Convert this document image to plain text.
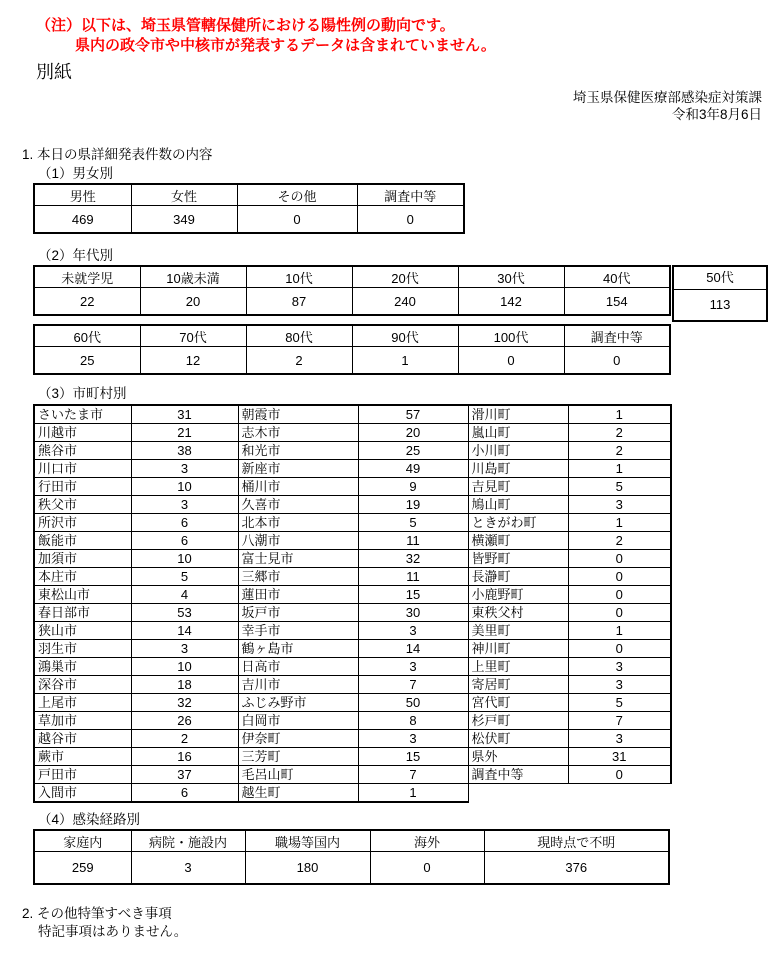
（注）以下は、埼玉県管轄保健所における陽性例の動向です。
県内の政令市や中核市が発表するデータは含まれていません。
別紙
埼玉県保健医療部感染症対策課
令和3年8月6日
1. 本日の県詳細発表件数の内容
（1）男女別
男性	女性	その他	調査中等
469	349	0	0
（2）年代別
未就学児	10歳未満	10代	20代	30代	40代
22	20	87	240	142	154
50代
113
60代	70代	80代	90代	100代	調査中等
25	12	2	1	0	0
（3）市町村別
さいたま市	31	朝霞市	57	滑川町	1
川越市	21	志木市	20	嵐山町	2
熊谷市	38	和光市	25	小川町	2
川口市	3	新座市	49	川島町	1
行田市	10	桶川市	9	吉見町	5
秩父市	3	久喜市	19	鳩山町	3
所沢市	6	北本市	5	ときがわ町	1
飯能市	6	八潮市	11	横瀬町	2
加須市	10	富士見市	32	皆野町	0
本庄市	5	三郷市	11	長瀞町	0
東松山市	4	蓮田市	15	小鹿野町	0
春日部市	53	坂戸市	30	東秩父村	0
狭山市	14	幸手市	3	美里町	1
羽生市	3	鶴ヶ島市	14	神川町	0
鴻巣市	10	日高市	3	上里町	3
深谷市	18	吉川市	7	寄居町	3
上尾市	32	ふじみ野市	50	宮代町	5
草加市	26	白岡市	8	杉戸町	7
越谷市	2	伊奈町	3	松伏町	3
蕨市	16	三芳町	15	県外	31
戸田市	37	毛呂山町	7	調査中等	0
入間市	6	越生町	1		
（4）感染経路別
家庭内	病院・施設内	職場等国内	海外	現時点で不明
259	3	180	0	376
2. その他特筆すべき事項
特記事項はありません。
